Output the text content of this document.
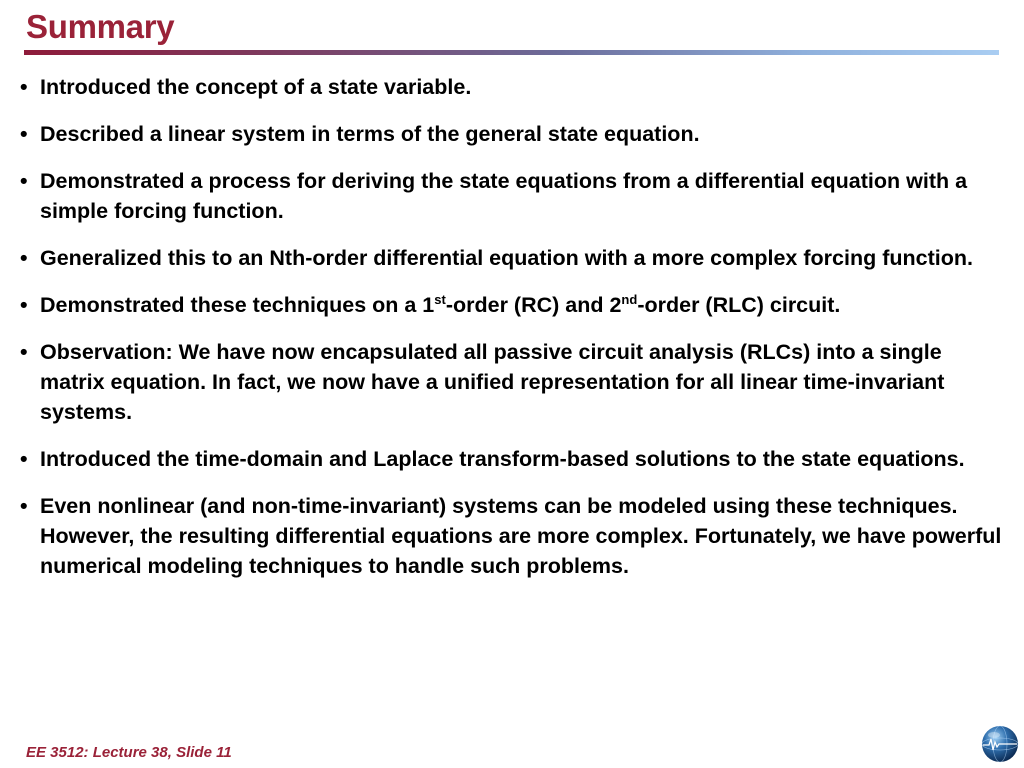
Summary
• Introduced the concept of a state variable.
• Described a linear system in terms of the general state equation.
• Demonstrated a process for deriving the state equations from a differential equation with a simple forcing function.
• Generalized this to an Nth-order differential equation with a more complex forcing function.
• Demonstrated these techniques on a 1st-order (RC) and 2nd-order (RLC) circuit.
• Observation: We have now encapsulated all passive circuit analysis (RLCs) into a single matrix equation. In fact, we now have a unified representation for all linear time-invariant systems.
• Introduced the time-domain and Laplace transform-based solutions to the state equations.
• Even nonlinear (and non-time-invariant) systems can be modeled using these techniques. However, the resulting differential equations are more complex. Fortunately, we have powerful numerical modeling techniques to handle such problems.
EE 3512: Lecture 38, Slide 11
